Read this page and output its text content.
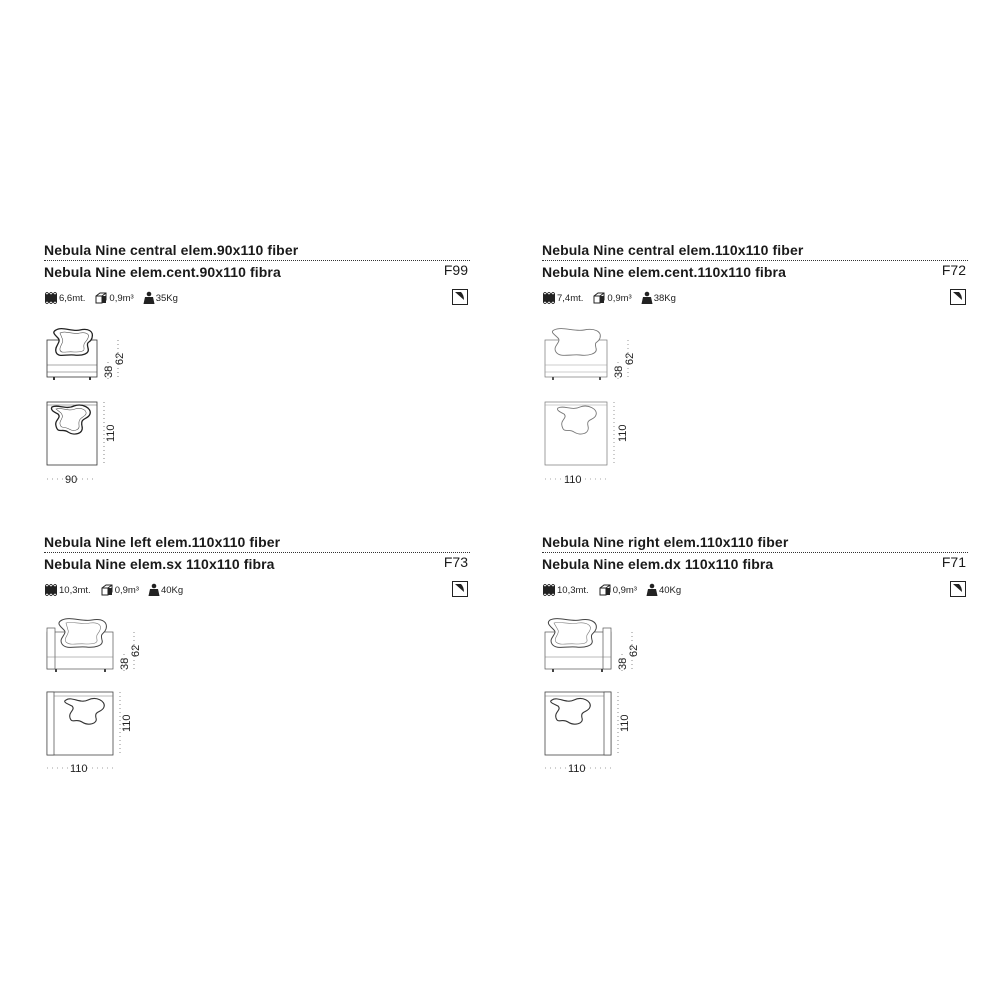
Nebula Nine central elem.90x110 fiber
Nebula Nine elem.cent.90x110 fibra	F99
6,6mt.	0,9m³ 35Kg
38
62
110
90
Nebula Nine central elem.110x110 fiber
Nebula Nine elem.cent.110x110 fibra	F72
7,4mt.	0,9m³ 38Kg
38
62
110
110
Nebula Nine left elem.110x110 fiber
Nebula Nine elem.sx 110x110 fibra	F73
10,3mt.	0,9m³ 40Kg
38
62
110
110
Nebula Nine right elem.110x110 fiber
Nebula Nine elem.dx 110x110 fibra	F71
10,3mt.	0,9m³ 40Kg
38
62
110
110
